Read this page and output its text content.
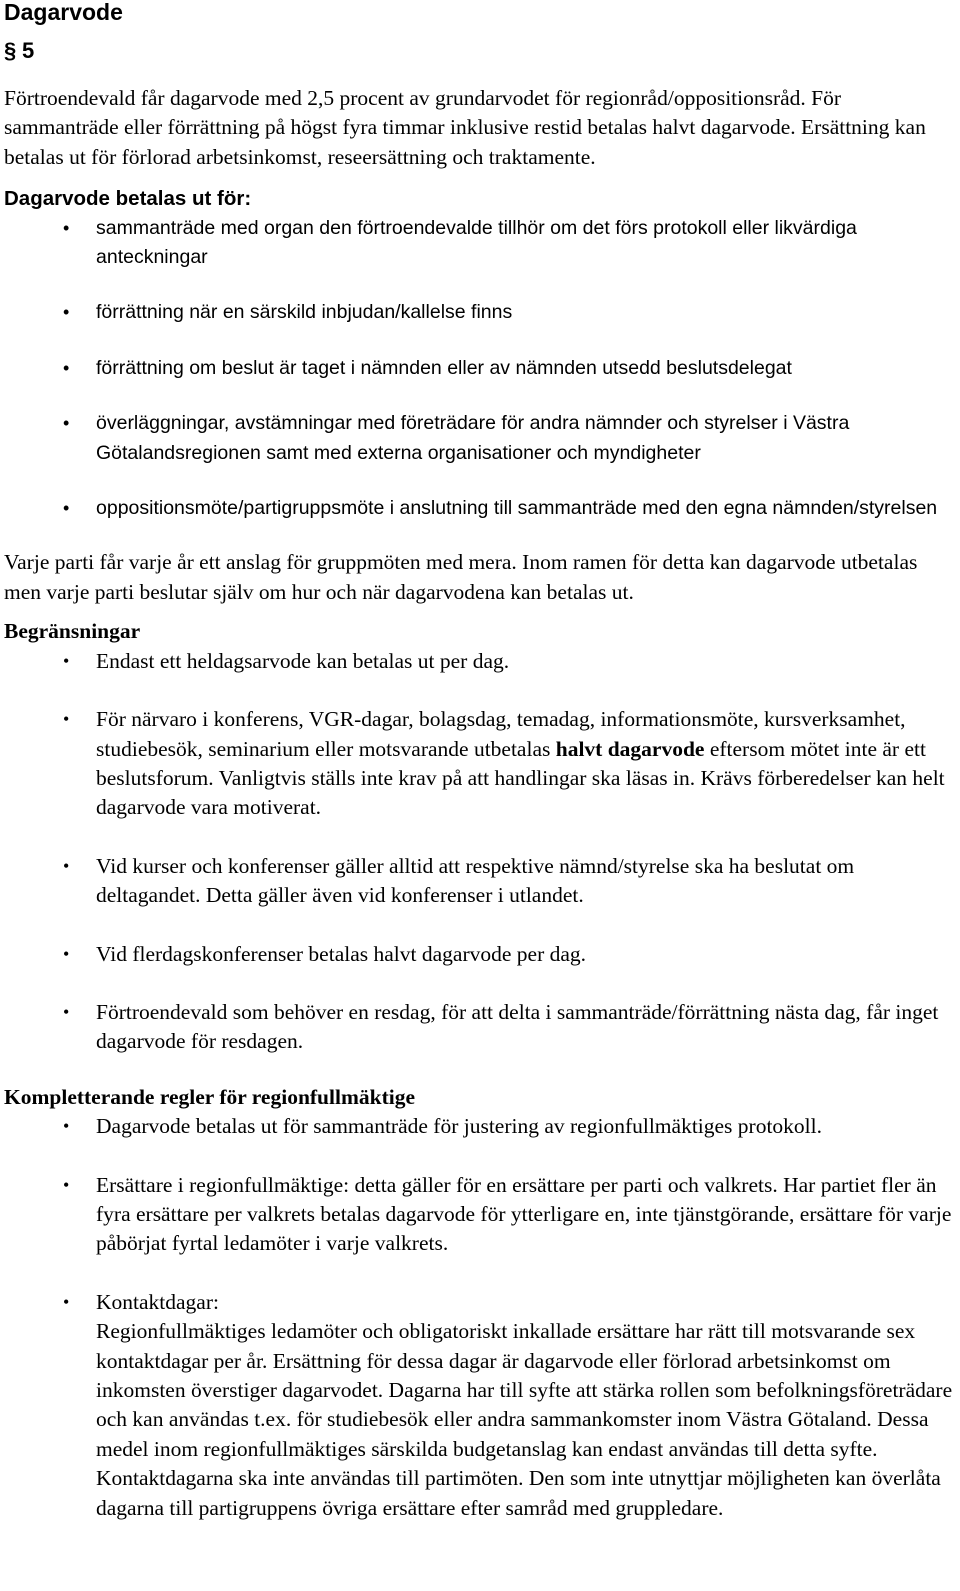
Dagarvode
§ 5

Förtroendevald får dagarvode med 2,5 procent av grundarvodet för regionråd/oppositionsråd. För sammanträde eller förrättning på högst fyra timmar inklusive restid betalas halvt dagarvode. Ersättning kan betalas ut för förlorad arbetsinkomst, reseersättning och traktamente.

Dagarvode betalas ut för:
• sammanträde med organ den förtroendevalde tillhör om det förs protokoll eller likvärdiga anteckningar
• förrättning när en särskild inbjudan/kallelse finns
• förrättning om beslut är taget i nämnden eller av nämnden utsedd beslutsdelegat
• överläggningar, avstämningar med företrädare för andra nämnder och styrelser i Västra Götalandsregionen samt med externa organisationer och myndigheter
• oppositionsmöte/partigruppsmöte i anslutning till sammanträde med den egna nämnden/styrelsen

Varje parti får varje år ett anslag för gruppmöten med mera. Inom ramen för detta kan dagarvode utbetalas men varje parti beslutar själv om hur och när dagarvodena kan betalas ut.

Begränsningar
• Endast ett heldagsarvode kan betalas ut per dag.
• För närvaro i konferens, VGR-dagar, bolagsdag, temadag, informationsmöte, kursverksamhet, studiebesök, seminarium eller motsvarande utbetalas halvt dagarvode eftersom mötet inte är ett beslutsforum. Vanligtvis ställs inte krav på att handlingar ska läsas in. Krävs förberedelser kan helt dagarvode vara motiverat.
• Vid kurser och konferenser gäller alltid att respektive nämnd/styrelse ska ha beslutat om deltagandet. Detta gäller även vid konferenser i utlandet.
• Vid flerdagskonferenser betalas halvt dagarvode per dag.
• Förtroendevald som behöver en resdag, för att delta i sammanträde/förrättning nästa dag, får inget dagarvode för resdagen.
Kompletterande regler för regionfullmäktige
• Dagarvode betalas ut för sammanträde för justering av regionfullmäktiges protokoll.
• Ersättare i regionfullmäktige: detta gäller för en ersättare per parti och valkrets. Har partiet fler än fyra ersättare per valkrets betalas dagarvode för ytterligare en, inte tjänstgörande, ersättare för varje påbörjat fyrtal ledamöter i varje valkrets.
• Kontaktdagar:
Regionfullmäktiges ledamöter och obligatoriskt inkallade ersättare har rätt till motsvarande sex kontaktdagar per år. Ersättning för dessa dagar är dagarvode eller förlorad arbetsinkomst om inkomsten överstiger dagarvodet. Dagarna har till syfte att stärka rollen som befolkningsföreträdare och kan användas t.ex. för studiebesök eller andra sammankomster inom Västra Götaland. Dessa medel inom regionfullmäktiges särskilda budgetanslag kan endast användas till detta syfte. Kontaktdagarna ska inte användas till partimöten. Den som inte utnyttjar möjligheten kan överlåta dagarna till partigruppens övriga ersättare efter samråd med gruppledare.
